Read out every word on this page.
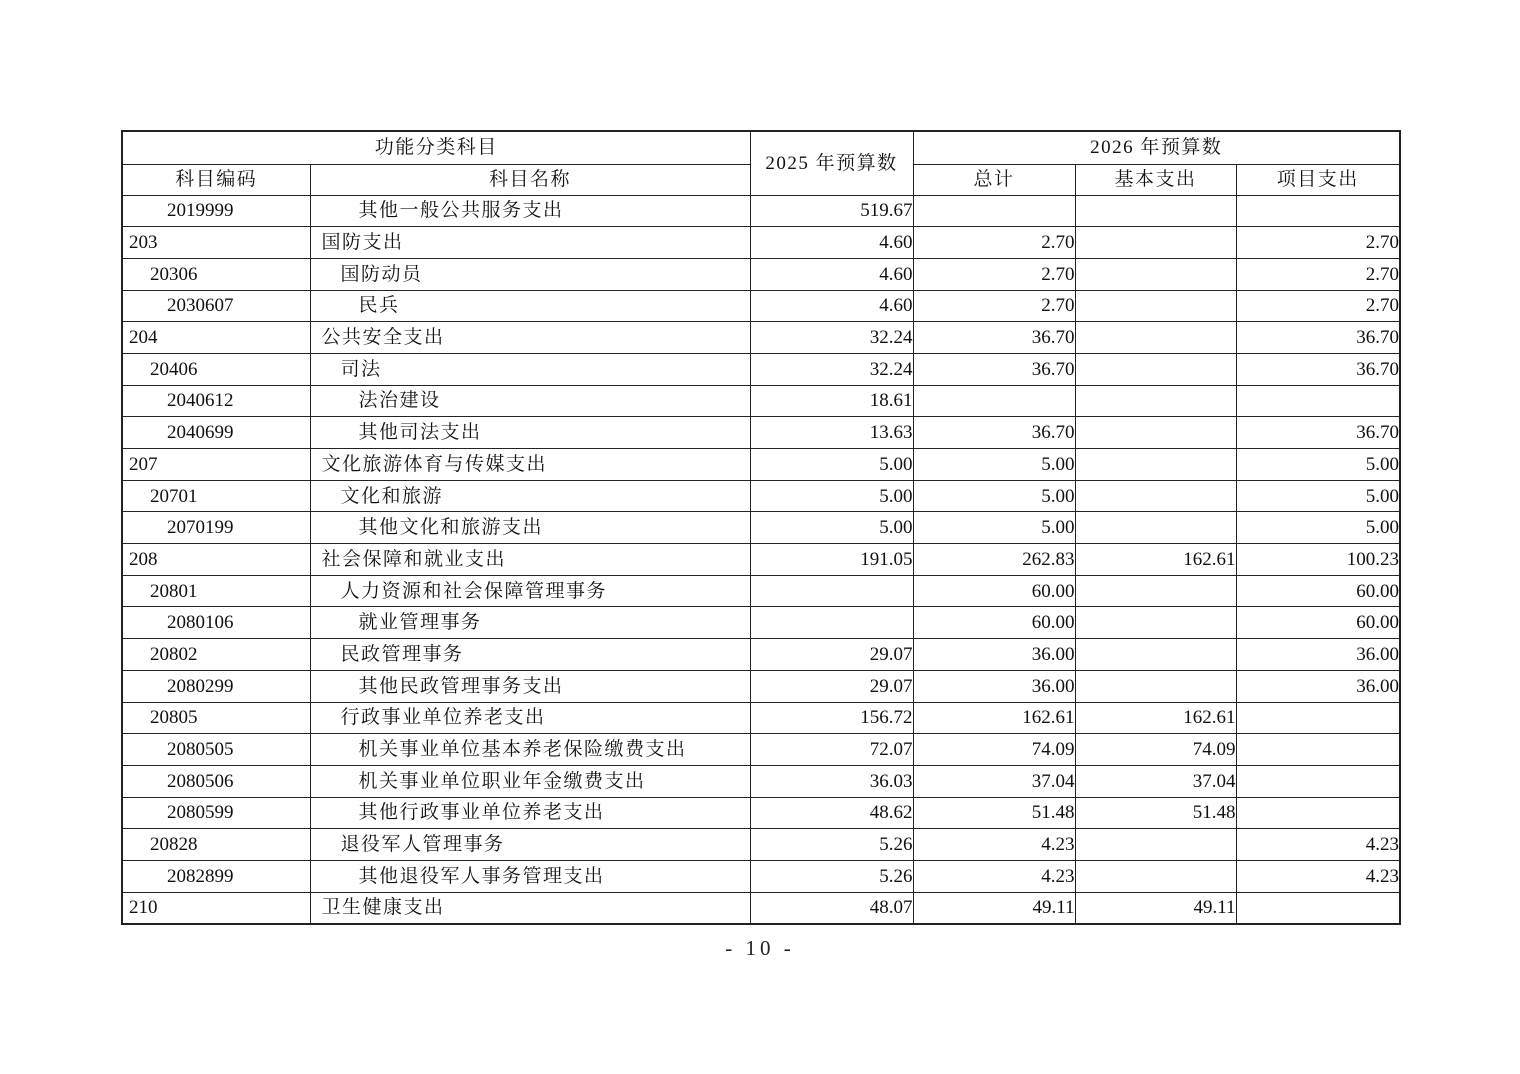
功能分类科目		2025 年预算数	2026 年预算数		
科目编码	科目名称		总计	基本支出	项目支出
2019999	其他一般公共服务支出	519.67			
203	国防支出	4.60	2.70		2.70
20306	国防动员	4.60	2.70		2.70
2030607	民兵	4.60	2.70		2.70
204	公共安全支出	32.24	36.70		36.70
20406	司法	32.24	36.70		36.70
2040612	法治建设	18.61			
2040699	其他司法支出	13.63	36.70		36.70
207	文化旅游体育与传媒支出	5.00	5.00		5.00
20701	文化和旅游	5.00	5.00		5.00
2070199	其他文化和旅游支出	5.00	5.00		5.00
208	社会保障和就业支出	191.05	262.83	162.61	100.23
20801	人力资源和社会保障管理事务		60.00		60.00
2080106	就业管理事务		60.00		60.00
20802	民政管理事务	29.07	36.00		36.00
2080299	其他民政管理事务支出	29.07	36.00		36.00
20805	行政事业单位养老支出	156.72	162.61	162.61	
2080505	机关事业单位基本养老保险缴费支出	72.07	74.09	74.09	
2080506	机关事业单位职业年金缴费支出	36.03	37.04	37.04	
2080599	其他行政事业单位养老支出	48.62	51.48	51.48	
20828	退役军人管理事务	5.26	4.23		4.23
2082899	其他退役军人事务管理支出	5.26	4.23		4.23
210	卫生健康支出	48.07	49.11	49.11	
- 10 -
